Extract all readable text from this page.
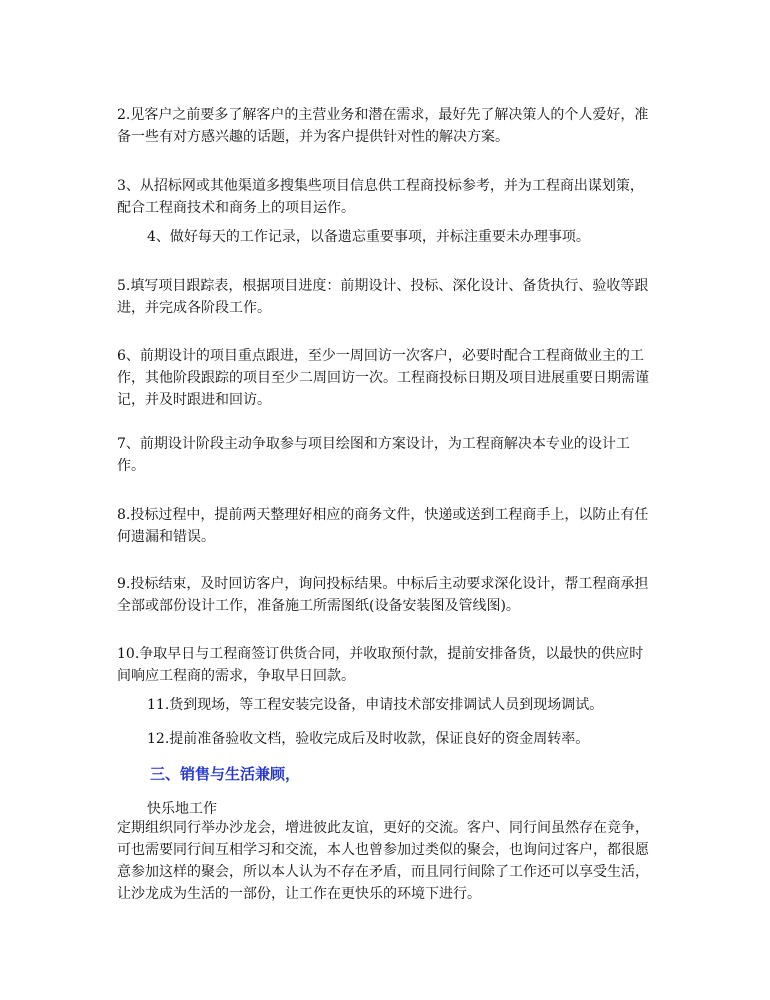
2.见客户之前要多了解客户的主营业务和潜在需求，最好先了解决策人的个人爱好，准备一些有对方感兴趣的话题，并为客户提供针对性的解决方案。

3、从招标网或其他渠道多搜集些项目信息供工程商投标参考，并为工程商出谋划策，配合工程商技术和商务上的项目运作。

4、做好每天的工作记录，以备遗忘重要事项，并标注重要未办理事项。

5.填写项目跟踪表，根据项目进度：前期设计、投标、深化设计、备货执行、验收等跟进，并完成各阶段工作。

6、前期设计的项目重点跟进，至少一周回访一次客户，必要时配合工程商做业主的工作，其他阶段跟踪的项目至少二周回访一次。工程商投标日期及项目进展重要日期需谨记，并及时跟进和回访。

7、前期设计阶段主动争取参与项目绘图和方案设计，为工程商解决本专业的设计工作。

8.投标过程中，提前两天整理好相应的商务文件，快递或送到工程商手上，以防止有任何遗漏和错误。

9.投标结束，及时回访客户，询问投标结果。中标后主动要求深化设计，帮工程商承担全部或部份设计工作，准备施工所需图纸(设备安装图及管线图)。

10.争取早日与工程商签订供货合同，并收取预付款，提前安排备货，以最快的供应时间响应工程商的需求，争取早日回款。

11.货到现场，等工程安装完设备，申请技术部安排调试人员到现场调试。

12.提前准备验收文档，验收完成后及时收款，保证良好的资金周转率。

三、销售与生活兼顾，

快乐地工作

定期组织同行举办沙龙会，增进彼此友谊，更好的交流。客户、同行间虽然存在竞争，可也需要同行间互相学习和交流，本人也曾参加过类似的聚会，也询问过客户，都很愿意参加这样的聚会，所以本人认为不存在矛盾，而且同行间除了工作还可以享受生活，让沙龙成为生活的一部份，让工作在更快乐的环境下进行。
